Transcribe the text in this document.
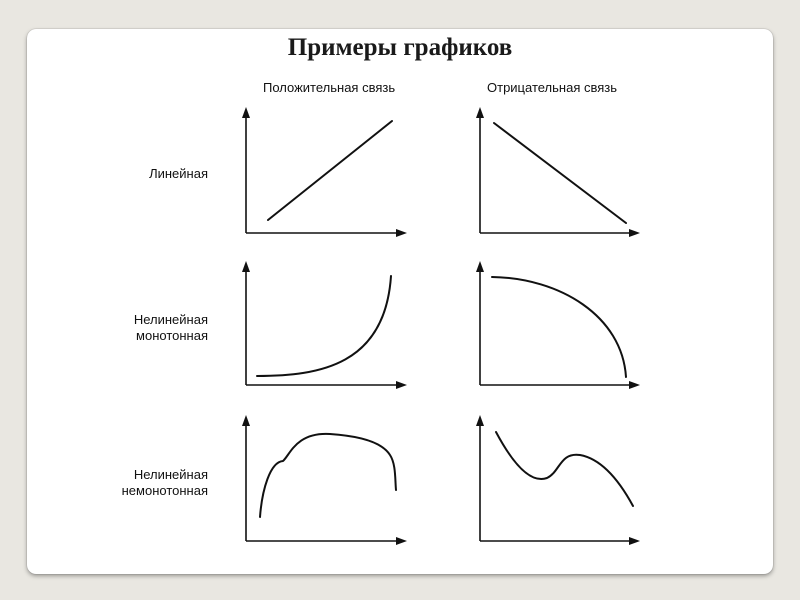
Примеры графиков
Положительная связь	Отрицательная связь
Линейная
Нелинейная
монотонная
Нелинейная
немонотонная
